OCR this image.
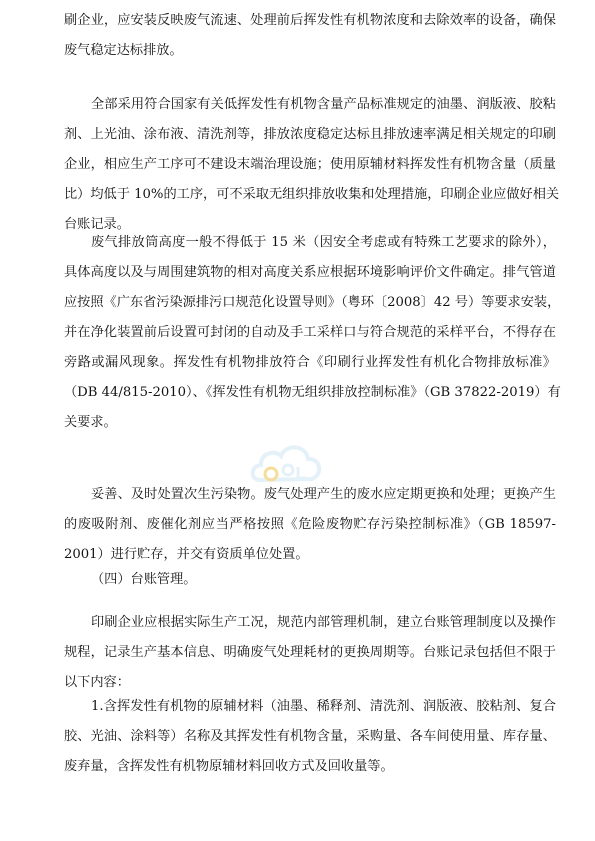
刷企业，应安装反映废气流速、处理前后挥发性有机物浓度和去除效率的设备，确保
废气稳定达标排放。
全部采用符合国家有关低挥发性有机物含量产品标准规定的油墨、润版液、胶粘
剂、上光油、涂布液、清洗剂等，排放浓度稳定达标且排放速率满足相关规定的印刷
企业，相应生产工序可不建设末端治理设施；使用原辅材料挥发性有机物含量（质量
比）均低于 10%的工序，可不采取无组织排放收集和处理措施，印刷企业应做好相关
台账记录。
废气排放筒高度一般不得低于 15 米（因安全考虑或有特殊工艺要求的除外），
具体高度以及与周围建筑物的相对高度关系应根据环境影响评价文件确定。排气管道
应按照《广东省污染源排污口规范化设置导则》（粤环〔2008〕42 号）等要求安装，
并在净化装置前后设置可封闭的自动及手工采样口与符合规范的采样平台，不得存在
旁路或漏风现象。挥发性有机物排放符合《印刷行业挥发性有机化合物排放标准》
（DB 44/815-2010）、《挥发性有机物无组织排放控制标准》（GB 37822-2019）有
关要求。
妥善、及时处置次生污染物。废气处理产生的废水应定期更换和处理；更换产生
的废吸附剂、废催化剂应当严格按照《危险废物贮存污染控制标准》（GB 18597-
2001）进行贮存，并交有资质单位处置。
（四）台账管理。
印刷企业应根据实际生产工况，规范内部管理机制，建立台账管理制度以及操作
规程，记录生产基本信息、明确废气处理耗材的更换周期等。台账记录包括但不限于
以下内容：
1.含挥发性有机物的原辅材料（油墨、稀释剂、清洗剂、润版液、胶粘剂、复合
胶、光油、涂料等）名称及其挥发性有机物含量，采购量、各车间使用量、库存量、
废弃量，含挥发性有机物原辅材料回收方式及回收量等。
